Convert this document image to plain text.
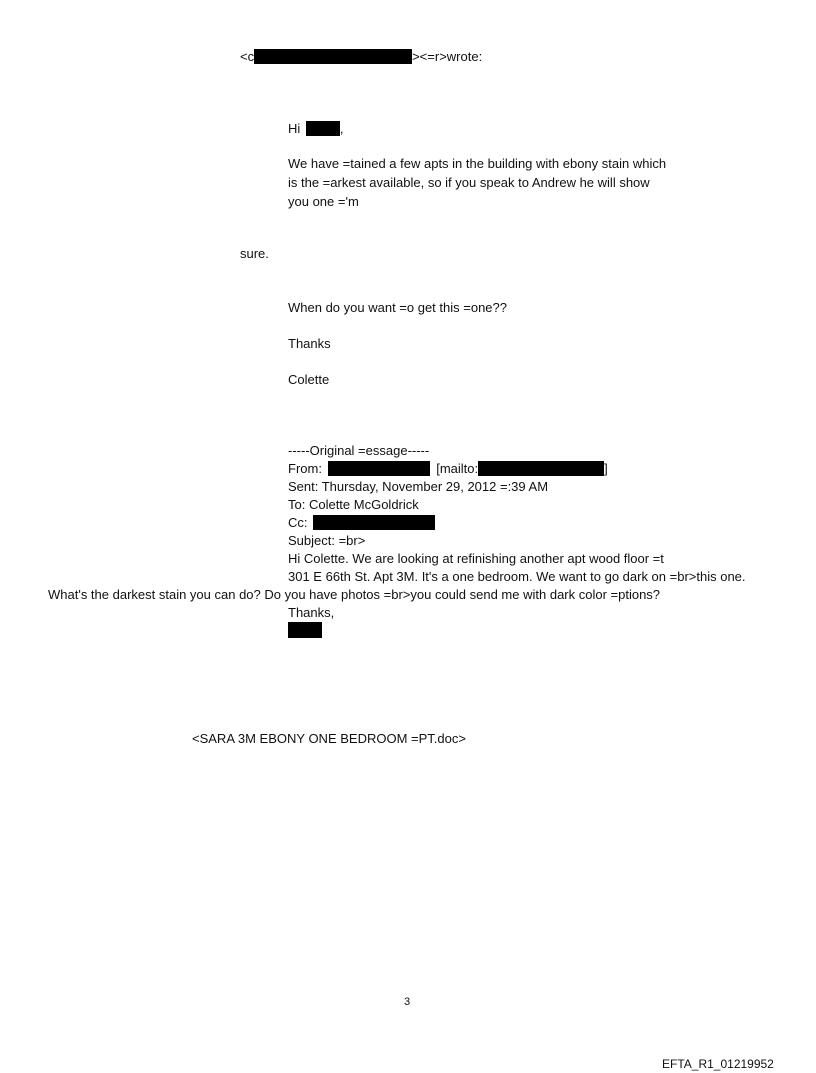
<c	><=r>wrote:
Hi	,
We have =tained a few apts in the building with ebony stain which
is the =arkest available, so if you speak to Andrew he will show
you one ='m
sure.
When do you want =o get this =one??
Thanks
Colette
-----Original =essage-----
From:	[mailto:	]
Sent: Thursday, November 29, 2012 =:39 AM
To: Colette McGoldrick
Cc:
Subject: =br>
Hi Colette. We are looking at refinishing another apt wood floor =t
301 E 66th St. Apt 3M. It's a one bedroom. We want to go dark on =br>this one.
What's the darkest stain you can do? Do you have photos =br>you could send me with dark color =ptions?
Thanks,
<SARA 3M EBONY ONE BEDROOM =PT.doc>
3
EFTA_R1_01219952
